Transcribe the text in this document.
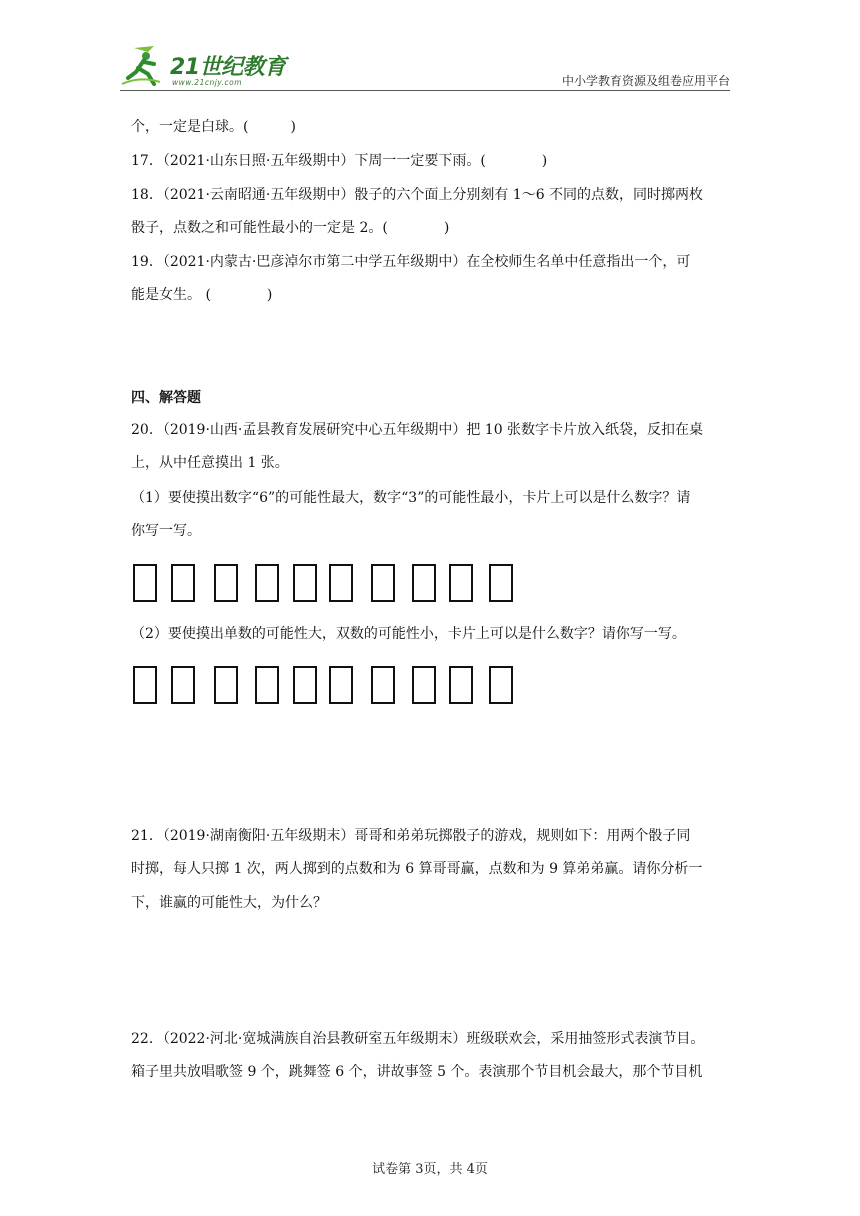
21世纪教育
www.21cnjy.com	中小学教育资源及组卷应用平台
个，一定是白球。(　　　)
17．（2021·山东日照·五年级期中）下周一一定要下雨。(　　　　)
18．（2021·云南昭通·五年级期中）骰子的六个面上分别刻有 1～6 不同的点数，同时掷两枚
骰子，点数之和可能性最小的一定是 2。(　　　　)
19．（2021·内蒙古·巴彦淖尔市第二中学五年级期中）在全校师生名单中任意指出一个，可
能是女生。 (　　　　)
四、解答题
20．（2019·山西·孟县教育发展研究中心五年级期中）把 10 张数字卡片放入纸袋，反扣在桌
上，从中任意摸出 1 张。
（1）要使摸出数字“6”的可能性最大，数字“3”的可能性最小，卡片上可以是什么数字？请
你写一写。
（2）要使摸出单数的可能性大，双数的可能性小，卡片上可以是什么数字？请你写一写。
21．（2019·湖南衡阳·五年级期末）哥哥和弟弟玩掷骰子的游戏，规则如下：用两个骰子同
时掷，每人只掷 1 次，两人掷到的点数和为 6 算哥哥赢，点数和为 9 算弟弟赢。请你分析一
下，谁赢的可能性大，为什么？
22．（2022·河北·宽城满族自治县教研室五年级期末）班级联欢会，采用抽签形式表演节目。
箱子里共放唱歌签 9 个，跳舞签 6 个，讲故事签 5 个。表演那个节目机会最大，那个节目机
试卷第 3页，共 4页
